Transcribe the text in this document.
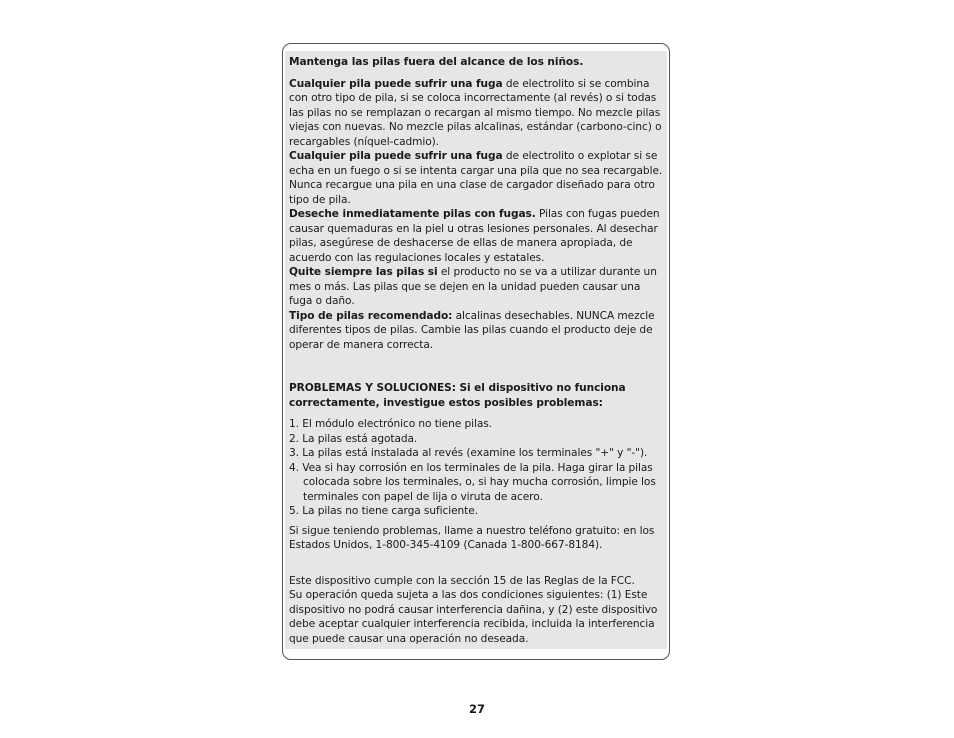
Mantenga las pilas fuera del alcance de los niños.

Cualquier pila puede sufrir una fuga de electrolito si se combina con otro tipo de pila, si se coloca incorrectamente (al revés) o si todas las pilas no se remplazan o recargan al mismo tiempo. No mezcle pilas viejas con nuevas. No mezcle pilas alcalinas, estándar (carbono-cinc) o recargables (níquel-cadmio).

Cualquier pila puede sufrir una fuga de electrolito o explotar si se echa en un fuego o si se intenta cargar una pila que no sea recargable. Nunca recargue una pila en una clase de cargador diseñado para otro tipo de pila.

Deseche inmediatamente pilas con fugas. Pilas con fugas pueden causar quemaduras en la piel u otras lesiones personales. Al desechar pilas, asegúrese de deshacerse de ellas de manera apropiada, de acuerdo con las regulaciones locales y estatales.

Quite siempre las pilas si el producto no se va a utilizar durante un mes o más. Las pilas que se dejen en la unidad pueden causar una fuga o daño.

Tipo de pilas recomendado: alcalinas desechables. NUNCA mezcle diferentes tipos de pilas. Cambie las pilas cuando el producto deje de operar de manera correcta.

PROBLEMAS Y SOLUCIONES: Si el dispositivo no funciona correctamente, investigue estos posibles problemas:

1. El módulo electrónico no tiene pilas.
2. La pilas está agotada.
3. La pilas está instalada al revés (examine los terminales "+" y "-").
4. Vea si hay corrosión en los terminales de la pila. Haga girar la pilas colocada sobre los terminales, o, si hay mucha corrosión, limpie los terminales con papel de lija o viruta de acero.
5. La pilas no tiene carga suficiente.

Si sigue teniendo problemas, llame a nuestro teléfono gratuito: en los Estados Unidos, 1-800-345-4109 (Canada 1-800-667-8184).

Este dispositivo cumple con la sección 15 de las Reglas de la FCC.

Su operación queda sujeta a las dos condiciones siguientes: (1) Este dispositivo no podrá causar interferencia dañina, y (2) este dispositivo debe aceptar cualquier interferencia recibida, incluida la interferencia que puede causar una operación no deseada.

27
